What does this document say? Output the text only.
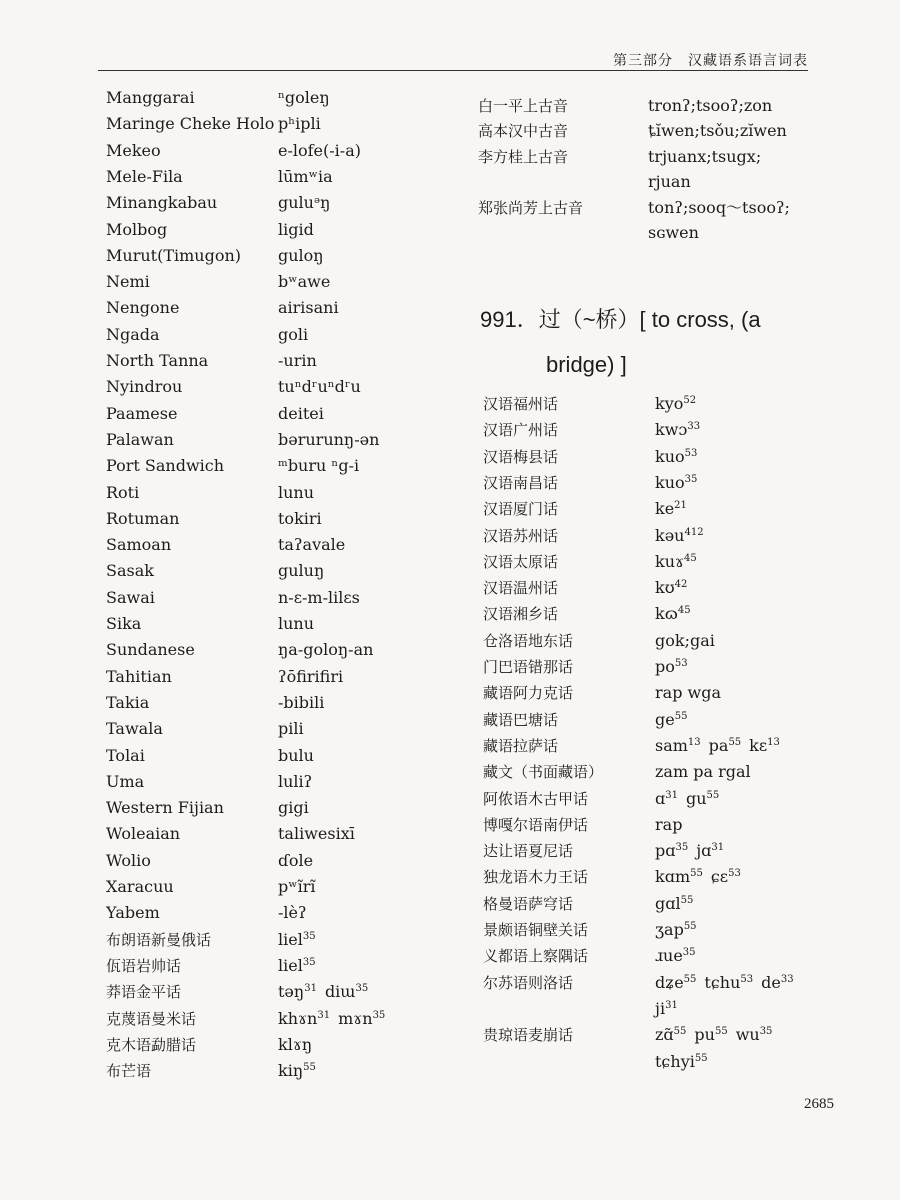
第三部分　汉藏语系语言词表
Manggarai	ⁿgoleŋ
Maringe Cheke Holo pʰipli
Mekeo	e-lofe(-i-a)
Mele-Fila	lūmʷia
Minangkabau	guluᵊŋ
Molbog	ligid
Murut(Timugon) guloŋ
Nemi	bʷawe
Nengone	airisani
Ngada	goli
North Tanna	-urin
Nyindrou	tuⁿdʳuⁿdʳu
Paamese	deitei
Palawan	bərurunŋ-ən
Port Sandwich	ᵐburu ⁿg-i
Roti	lunu
Rotuman	tokiri
Samoan	taʔavale
Sasak	guluŋ
Sawai	n-ɛ-m-lilɛs
Sika	lunu
Sundanese	ŋa-goloŋ-an
Tahitian	ʔōfirifiri
Takia	-bibili
Tawala	pili
Tolai	bulu
Uma	luliʔ
Western Fijian	gigi
Woleaian	taliwesixī
Wolio	ɗole
Xaracuu	pʷĩrĩ
Yabem	-lèʔ
布朗语新曼俄话	liel$^{35}$
佤语岩帅话	liel$^{35}$
莽语金平话	təŋ$^{31}$  diɯ$^{35}$
克蔑语曼米话	khɤn$^{31}$  mɤn$^{35}$
克木语勐腊话	klɤŋ
布芒语	kiŋ$^{55}$
白一平上古音	tronʔ;tsooʔ;zon
高本汉中古音	ȶĭwen;tsǒu;zĭwen
李方桂上古音	trjuanx;tsugx;
rjuan
郑张尚芳上古音	tonʔ;sooq～tsooʔ;
sɢwen
991．过（~桥）[ to cross, (a
bridge) ]
汉语福州话	kyo$^{52}$
汉语广州话	kwɔ$^{33}$
汉语梅县话	kuo$^{53}$
汉语南昌话	kuo$^{35}$
汉语厦门话	$ke^{21}$
汉语苏州话	kəu$^{412}$
汉语太原话	kuɤ$^{45}$
汉语温州话	kʊ$^{42}$
汉语湘乡话	kɷ$^{45}$
仓洛语地东话	gok;gai
门巴语错那话	$po^{53}$
藏语阿力克话	rap wga
藏语巴塘话	$ge^{55}$
藏语拉萨话	sam$^{13}$  $pa^{55}$  kɛ$^{13}$
藏文（书面藏语）	zam pa rgal
阿侬语木古甲话	ɑ$^{31}$  $gu^{55}$
博嘎尔语南伊话	rap
达让语夏尼话	pɑ$^{35}$  jɑ$^{31}$
独龙语木力王话	kɑm$^{55}$  ɕɛ$^{53}$
格曼语萨穹话	gɑl$^{55}$
景颇语铜壁关话	ʒap$^{55}$
义都语上察隅话	ɹue$^{35}$
尔苏语则洛话	dʑe$^{55}$  tɕhu$^{53}$  $de^{33}$
$ji^{31}$
贵琼语麦崩话	zɑ̃$^{55}$  $pu^{55}$  $wu^{35}$
tɕhyi$^{55}$
2685
